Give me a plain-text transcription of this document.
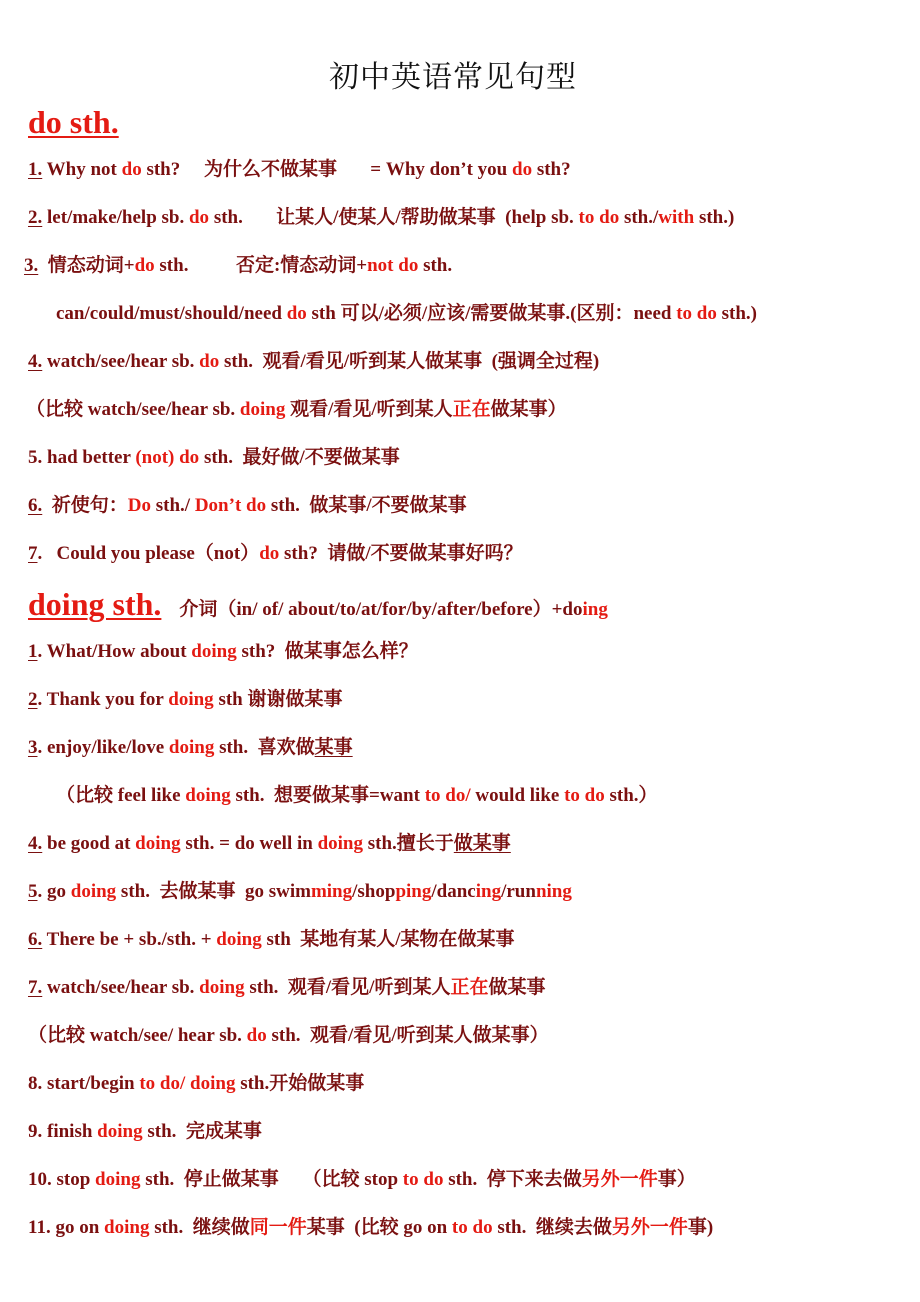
初中英语常见句型
do sth.
doing sth. 介词（in/ of/ about/to/at/for/by/after/before）+doing
1. Why not do sth?     为什么不做某事       = Why don’t you do sth?
2. let/make/help sb. do sth.       让某人/使某人/帮助做某事  (help sb. to do sth./with sth.)
3.  情态动词+do sth.          否定:情态动词+not do sth.
can/could/must/should/need do sth 可以/必须/应该/需要做某事.(区别：need to do sth.)
4. watch/see/hear sb. do sth.  观看/看见/听到某人做某事  (强调全过程)
（比较 watch/see/hear sb. doing 观看/看见/听到某人正在做某事）
5. had better (not) do sth.  最好做/不要做某事
6.  祈使句：Do sth./ Don’t do sth.  做某事/不要做某事
7.   Could you please（not）do sth?  请做/不要做某事好吗？
1. What/How about doing sth?  做某事怎么样？
2. Thank you for doing sth 谢谢做某事
3. enjoy/like/love doing sth.  喜欢做某事
（比较 feel like doing sth.  想要做某事=want to do/ would like to do sth.）
4. be good at doing sth. = do well in doing sth.擅长于做某事
5. go doing sth.  去做某事  go swimming/shopping/dancing/running
6. There be + sb./sth. + doing sth  某地有某人/某物在做某事
7. watch/see/hear sb. doing sth.  观看/看见/听到某人正在做某事
（比较 watch/see/ hear sb. do sth.  观看/看见/听到某人做某事）
8. start/begin to do/ doing sth.开始做某事
9. finish doing sth.  完成某事
10. stop doing sth.  停止做某事     （比较 stop to do sth.  停下来去做另外一件事）
11. go on doing sth.  继续做同一件某事  (比较 go on to do sth.  继续去做另外一件事)
